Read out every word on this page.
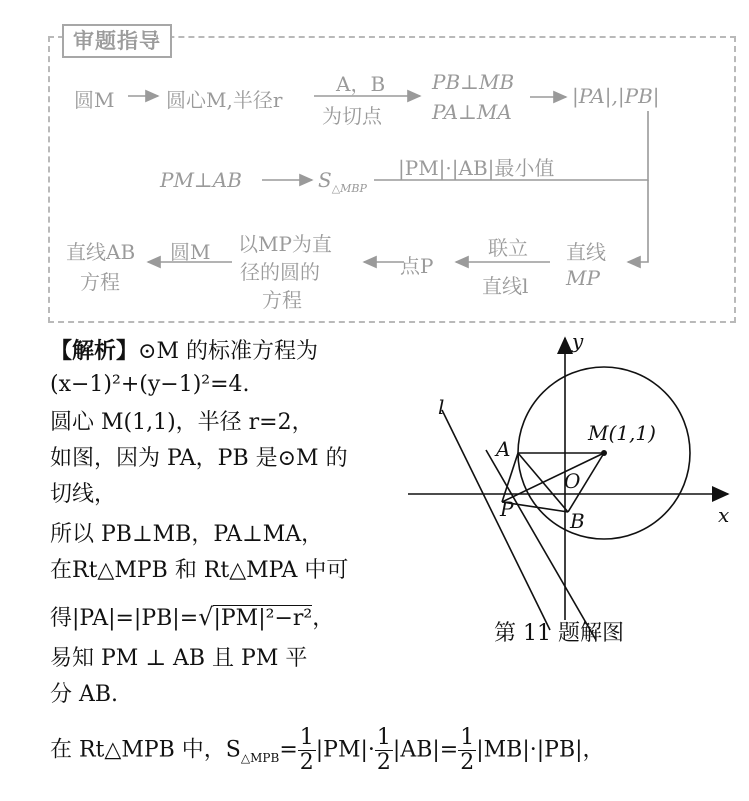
审题指导
圆M	圆心M,半径r
A，B
为切点
PB⊥MB
PA⊥MA
|PA|,|PB|
PM⊥AB	$S_{\triangle MBP}$
|PM|·|AB|最小值
直线AB
方程
圆M 以MP为直
径的圆的
方程
点P
联立
直线l
直线
MP
【解析】⊙M 的标准方程为
(x−1)²+(y−1)²=4.
圆心 M(1,1)，半径 r=2，
如图，因为 PA，PB 是⊙M 的
切线，
所以 PB⊥MB，PA⊥MA，
在Rt△MPB 和 Rt△MPA 中可
得|PA|=|PB|=√|PM|²−r²，
易知 PM ⊥ AB 且 PM 平
分 AB.
在 Rt△MPB 中，$S_{\triangle MPB}= \frac{1}{2} |PM|\cdot \frac{1}{2} |AB|= \frac{1}{2} |MB|\cdot|PB|$，
y
x
l
A
M(1,1)
O
P	B
第 11 题解图
